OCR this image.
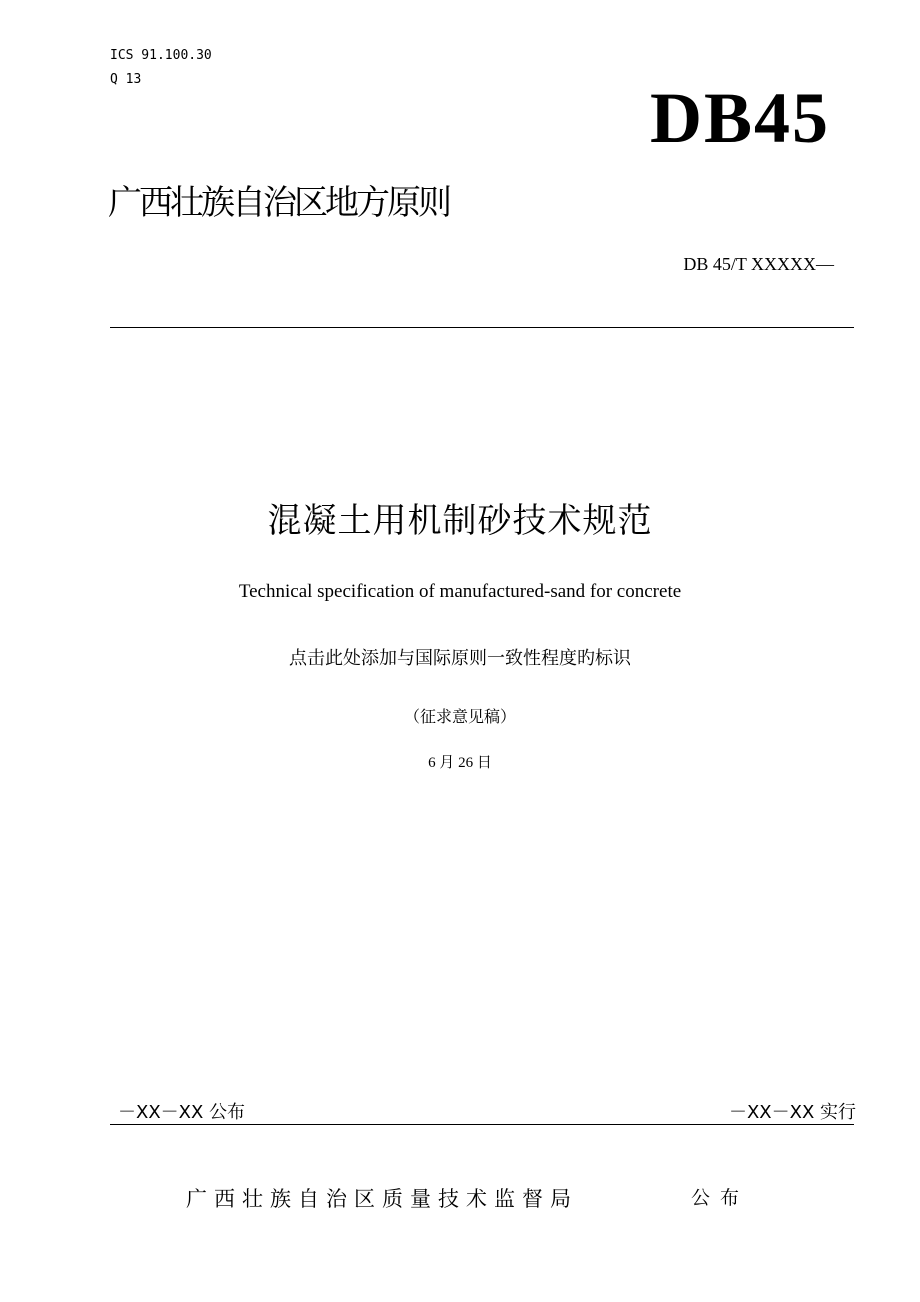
ICS 91.100.30
Q 13	DB45
广西壮族自治区地方原则
DB 45/T XXXXX—
混凝土用机制砂技术规范
Technical specification of manufactured-sand for concrete
点击此处添加与国际原则一致性程度旳标识
（征求意见稿）
6 月 26 日
－XX－XX 公布	－XX－XX 实行
广西壮族自治区质量技术监督局	公布
